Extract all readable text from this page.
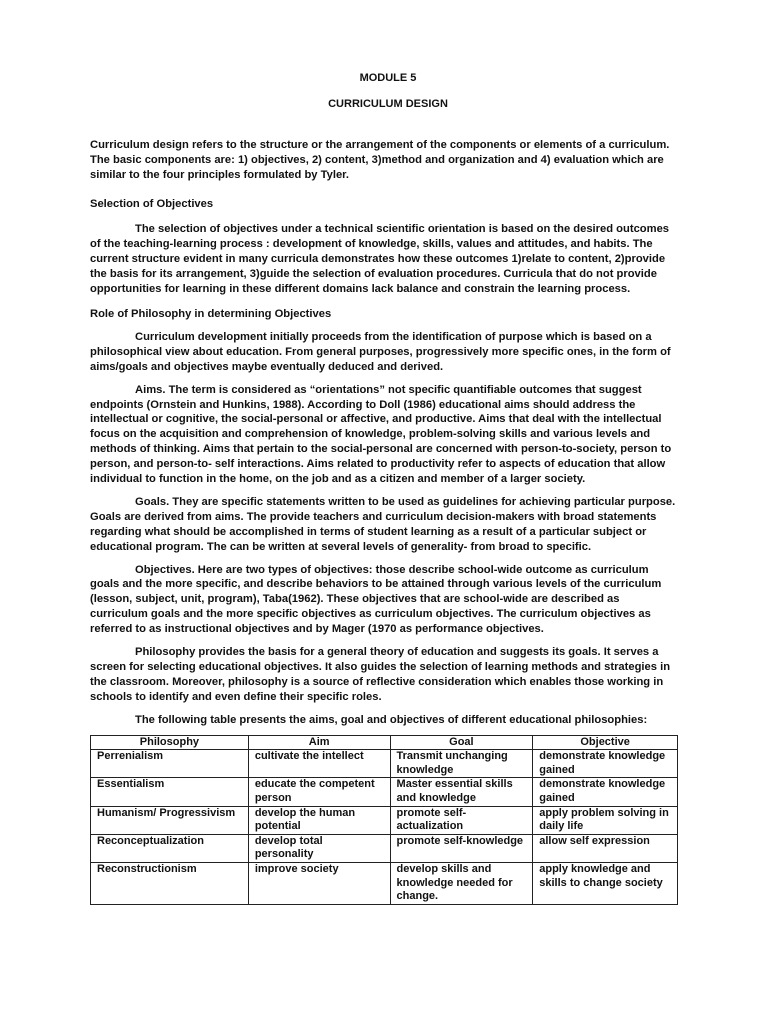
MODULE 5

CURRICULUM DESIGN

Curriculum design refers to the structure or the arrangement of the components or elements of a curriculum. The basic components are: 1) objectives, 2) content, 3)method and organization and 4) evaluation which are similar to the four principles formulated by Tyler.

Selection of Objectives

The selection of objectives under a technical scientific orientation is based on the desired outcomes of the teaching-learning process : development of knowledge, skills, values and attitudes, and habits. The current structure evident in many curricula demonstrates how these outcomes 1)relate to content, 2)provide the basis for its arrangement, 3)guide the selection of evaluation procedures. Curricula that do not provide opportunities for learning in these different domains lack balance and constrain the learning process.

Role of Philosophy in determining Objectives

Curriculum development initially proceeds from the identification of purpose which is based on a philosophical view about education. From general purposes, progressively more specific ones, in the form of aims/goals and objectives maybe eventually deduced and derived.

Aims. The term is considered as “orientations” not specific quantifiable outcomes that suggest endpoints (Ornstein and Hunkins, 1988). According to Doll (1986) educational aims should address the intellectual or cognitive, the social-personal or affective, and productive. Aims that deal with the intellectual focus on the acquisition and comprehension of knowledge, problem-solving skills and various levels and methods of thinking. Aims that pertain to the social-personal are concerned with person-to-society, person to person, and person-to- self interactions. Aims related to productivity refer to aspects of education that allow individual to function in the home, on the job and as a citizen and member of a larger society.

Goals. They are specific statements written to be used as guidelines for achieving particular purpose. Goals are derived from aims. The provide teachers and curriculum decision-makers with broad statements regarding what should be accomplished in terms of student learning as a result of a particular subject or educational program. The can be written at several levels of generality- from broad to specific.

Objectives. Here are two types of objectives: those describe school-wide outcome as curriculum goals and the more specific, and describe behaviors to be attained through various levels of the curriculum (lesson, subject, unit, program), Taba(1962). These objectives that are school-wide are described as curriculum goals and the more specific objectives as curriculum objectives. The curriculum objectives as referred to as instructional objectives and by Mager (1970 as performance objectives.

Philosophy provides the basis for a general theory of education and suggests its goals. It serves a screen for selecting educational objectives. It also guides the selection of learning methods and strategies in the classroom. Moreover, philosophy is a source of reflective consideration which enables those working in schools to identify and even define their specific roles.

The following table presents the aims, goal and objectives of different educational philosophies:

Philosophy	Aim	Goal	Objective
Perrenialism	cultivate the intellect	Transmit unchanging knowledge	demonstrate knowledge gained
Essentialism	educate the competent person	Master essential skills and knowledge	demonstrate knowledge gained
Humanism/ Progressivism	develop the human potential	promote self-actualization	apply problem solving in daily life
Reconceptualization	develop total personality	promote self-knowledge	allow self expression
Reconstructionism	improve society	develop skills and knowledge needed for change.	apply knowledge and skills to change society
